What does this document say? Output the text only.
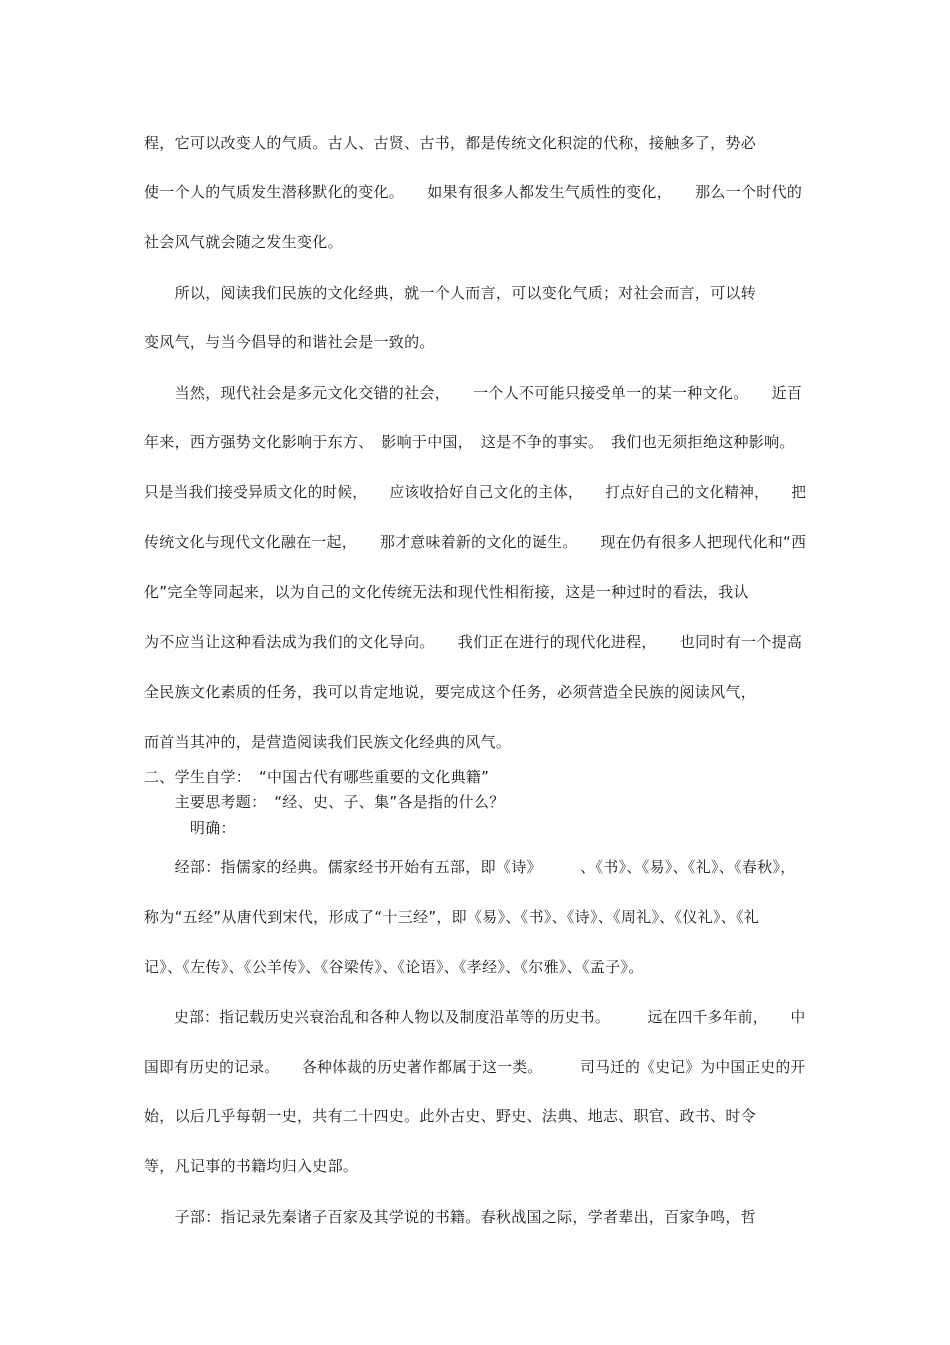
程，它可以改变人的气质。古人、古贤、古书，都是传统文化积淀的代称，接触多了，势必
使一个人的气质发生潜移默化的变化。　　如果有很多人都发生气质性的变化，　　那么一个时代的
社会风气就会随之发生变化。
　　所以，阅读我们民族的文化经典，就一个人而言，可以变化气质；对社会而言，可以转
变风气，与当今倡导的和谐社会是一致的。
　　当然，现代社会是多元文化交错的社会，　　一个人不可能只接受单一的某一种文化。　　近百
年来，西方强势文化影响于东方、　影响于中国，　这是不争的事实。　我们也无须拒绝这种影响。
只是当我们接受异质文化的时候，　　应该收拾好自己文化的主体，　　打点好自己的文化精神，　　把
传统文化与现代文化融在一起，　　那才意味着新的文化的诞生。　　现在仍有很多人把现代化和“西
化”完全等同起来，以为自己的文化传统无法和现代性相衔接，这是一种过时的看法，我认
为不应当让这种看法成为我们的文化导向。　　我们正在进行的现代化进程，　　也同时有一个提高
全民族文化素质的任务，我可以肯定地说，要完成这个任务，必须营造全民族的阅读风气，
而首当其冲的，是营造阅读我们民族文化经典的风气。
二、学生自学：　“中国古代有哪些重要的文化典籍”
　　主要思考题：　“经、史、子、集”各是指的什么？
　　　明确：
　　经部：指儒家的经典。儒家经书开始有五部，即《诗》　　　、《书》、《易》、《礼》、《春秋》，
称为“五经”从唐代到宋代，形成了“十三经”，即《易》、《书》、《诗》、《周礼》、《仪礼》、《礼
记》、《左传》、《公羊传》、《谷梁传》、《论语》、《孝经》、《尔雅》、《孟子》。
　　史部：指记载历史兴衰治乱和各种人物以及制度沿革等的历史书。　　　远在四千多年前，　　中
国即有历史的记录。　　各种体裁的历史著作都属于这一类。　　　司马迁的《史记》为中国正史的开
始，以后几乎每朝一史，共有二十四史。此外古史、野史、法典、地志、职官、政书、时令
等，凡记事的书籍均归入史部。
　　子部：指记录先秦诸子百家及其学说的书籍。春秋战国之际，学者辈出，百家争鸣，哲
